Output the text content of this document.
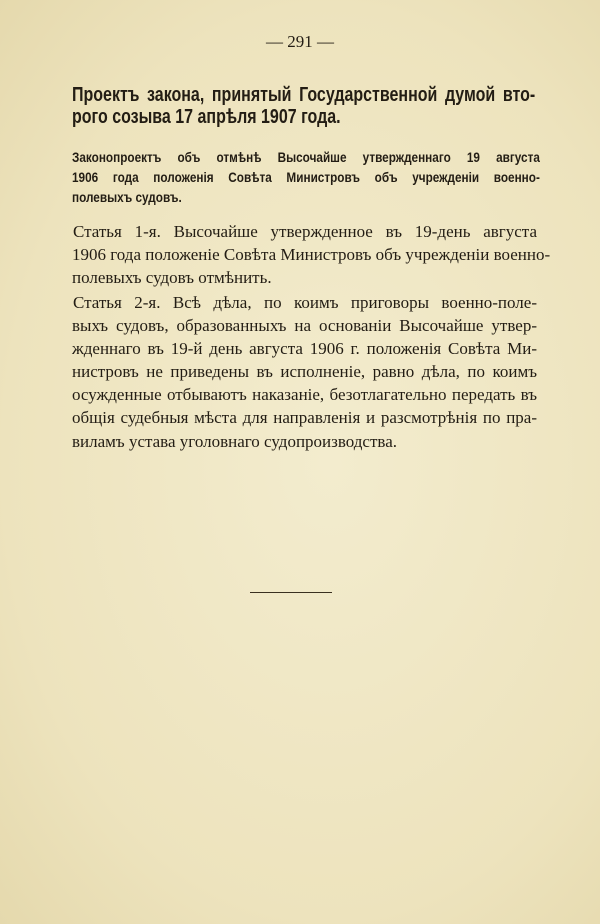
— 291 —
Проектъ закона, принятый Государственной думой вто-
рого созыва 17 апрѣля 1907 года.
Законопроектъ объ отмѣнѣ Высочайше утвержденнаго 19 августа
1906 года положенія Совѣта Министровъ объ учрежденіи военно-
полевыхъ судовъ.
Статья 1-я. Высочайше утвержденное въ 19-день августа
1906 года положеніе Совѣта Министровъ объ учрежденіи военно-
полевыхъ судовъ отмѣнить.
Статья 2-я. Всѣ дѣла, по коимъ приговоры военно-поле-
выхъ судовъ, образованныхъ на основаніи Высочайше утвер-
жденнаго въ 19-й день августа 1906 г. положенія Совѣта Ми-
нистровъ не приведены въ исполненіе, равно дѣла, по коимъ
осужденные отбываютъ наказаніе, безотлагательно передать въ
общія судебныя мѣста для направленія и разсмотрѣнія по пра-
виламъ устава уголовнаго судопроизводства.
